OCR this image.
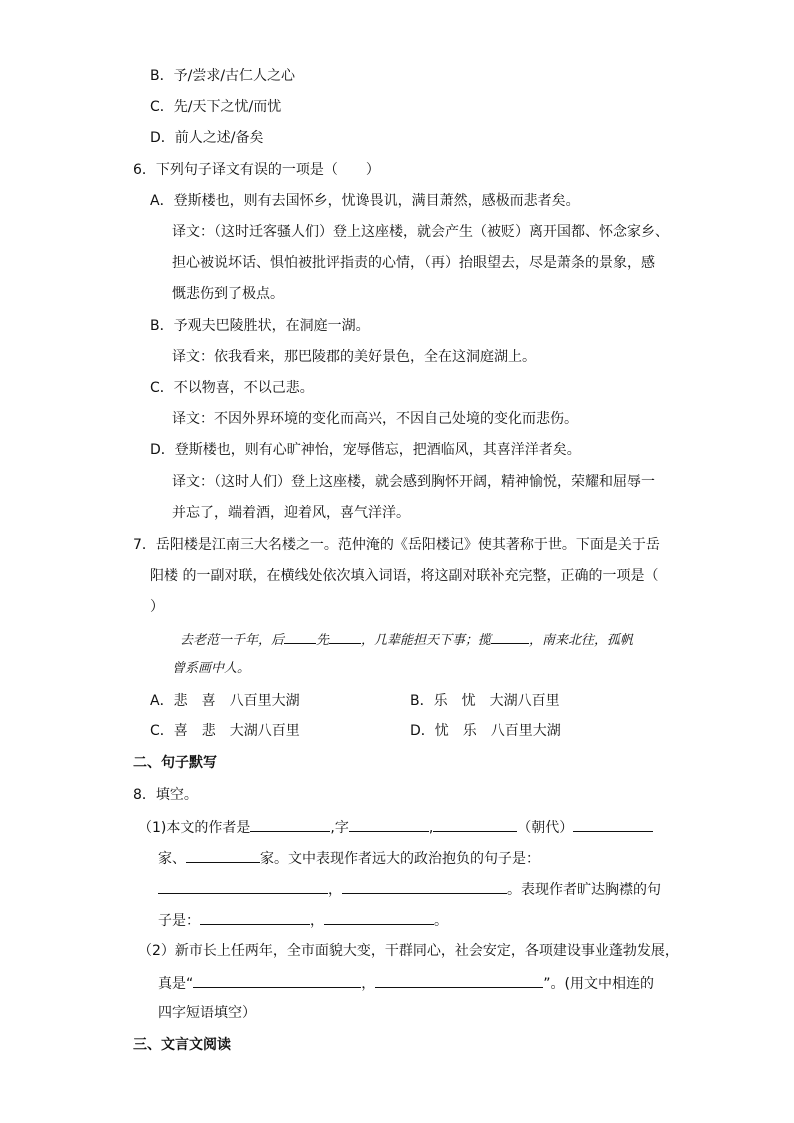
B．予/尝求/古仁人之心
C．先/天下之忧/而忧
D．前人之述/备矣
6．下列句子译文有误的一项是（　　）
A．登斯楼也，则有去国怀乡，忧谗畏讥，满目萧然，感极而悲者矣。
译文：（这时迁客骚人们）登上这座楼，就会产生（被贬）离开国都、怀念家乡、
担心被说坏话、惧怕被批评指责的心情，（再）抬眼望去，尽是萧条的景象，感
慨悲伤到了极点。
B．予观夫巴陵胜状，在洞庭一湖。
译文：依我看来，那巴陵郡的美好景色，全在这洞庭湖上。
C．不以物喜，不以己悲。
译文：不因外界环境的变化而高兴，不因自己处境的变化而悲伤。
D．登斯楼也，则有心旷神怡，宠辱偕忘，把酒临风，其喜洋洋者矣。
译文：（这时人们）登上这座楼，就会感到胸怀开阔，精神愉悦，荣耀和屈辱一
并忘了，端着酒，迎着风，喜气洋洋。
7．岳阳楼是江南三大名楼之一。范仲淹的《岳阳楼记》使其著称于世。下面是关于岳
阳楼 的一副对联，在横线处依次填入词语，将这副对联补充完整，正确的一项是（
）
去老范一千年，后 先 ，几辈能担天下事；揽	，南来北往，孤帆
曾系画中人。
A．悲　喜　八百里大湖	B．乐　忧　大湖八百里
C．喜　悲　大湖八百里	D．忧　乐　八百里大湖
二、句子默写
8．填空。
（1)本文的作者是	,字	,	（朝代）
家、	家。文中表现作者远大的政治抱负的句子是：
，	。表现作者旷达胸襟的句
子是：	，	。
（2）新市长上任两年，全市面貌大变，干群同心，社会安定，各项建设事业蓬勃发展，
真是“	，	”。(用文中相连的
四字短语填空）
三、文言文阅读
